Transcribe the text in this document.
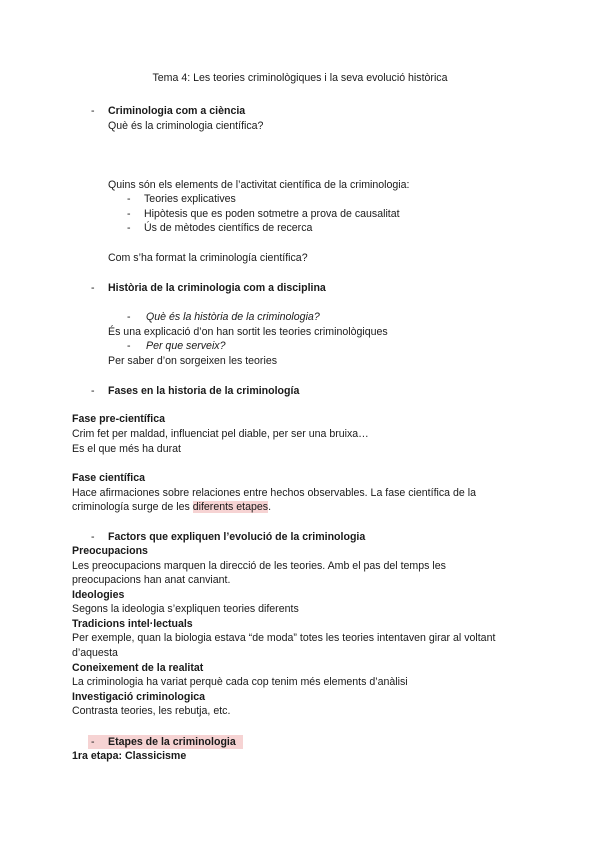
Tema 4: Les teories criminològiques i la seva evolució històrica
- Criminologia com a ciència
Què és la criminologia científica?
Quins són els elements de l’activitat científica de la criminologia:
- Teories explicatives
- Hipòtesis que es poden sotmetre a prova de causalitat
- Ús de mètodes científics de recerca
Com s’ha format la criminología científica?
- Història de la criminologia com a disciplina
- Què és la història de la criminologia?
És una explicació d’on han sortit les teories criminològiques
- Per que serveix?
Per saber d’on sorgeixen les teories
- Fases en la historia de la criminología
Fase pre-científica
Crim fet per maldad, influenciat pel diable, per ser una bruixa…
Es el que més ha durat
Fase científica
Hace afirmaciones sobre relaciones entre hechos observables. La fase científica de la
criminología surge de les diferents etapes.
- Factors que expliquen l’evolució de la criminologia
Preocupacions
Les preocupacions marquen la direcció de les teories. Amb el pas del temps les
preocupacions han anat canviant.
Ideologies
Segons la ideologia s’expliquen teories diferents
Tradicions intel·lectuals
Per exemple, quan la biologia estava “de moda” totes les teories intentaven girar al voltant
d’aquesta
Coneixement de la realitat
La criminologia ha variat perquè cada cop tenim més elements d’anàlisi
Investigació criminologica
Contrasta teories, les rebutja, etc.
- Etapes de la criminologia
1ra etapa: Classicisme
